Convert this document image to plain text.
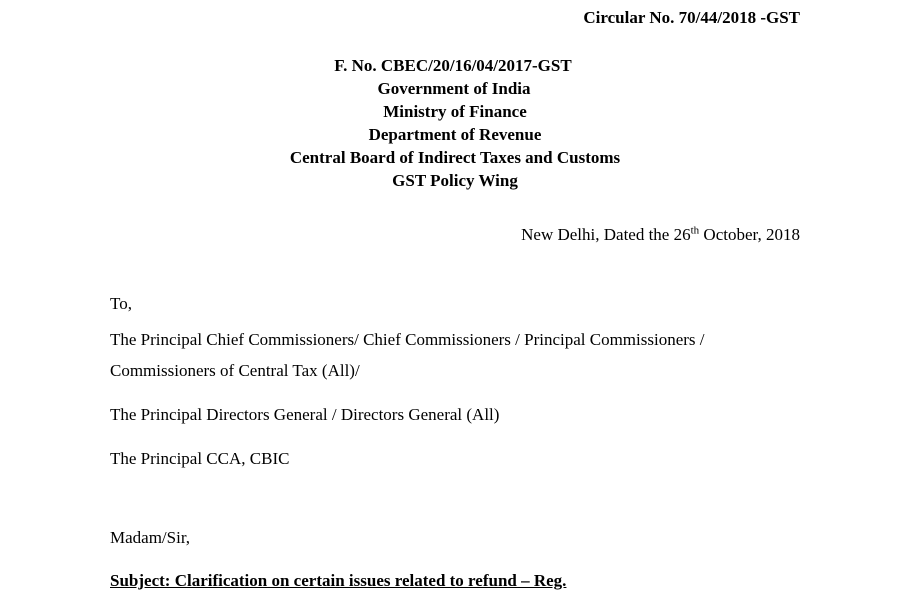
Circular No. 70/44/2018 -GST
F. No. CBEC/20/16/04/2017-GST
Government of India
Ministry of Finance
Department of Revenue
Central Board of Indirect Taxes and Customs
GST Policy Wing
New Delhi, Dated the 26th October, 2018
To,
The Principal Chief Commissioners/ Chief Commissioners / Principal Commissioners /
Commissioners of Central Tax (All)/
The Principal Directors General / Directors General (All)
The Principal CCA, CBIC
Madam/Sir,
Subject: Clarification on certain issues related to refund – Reg.
